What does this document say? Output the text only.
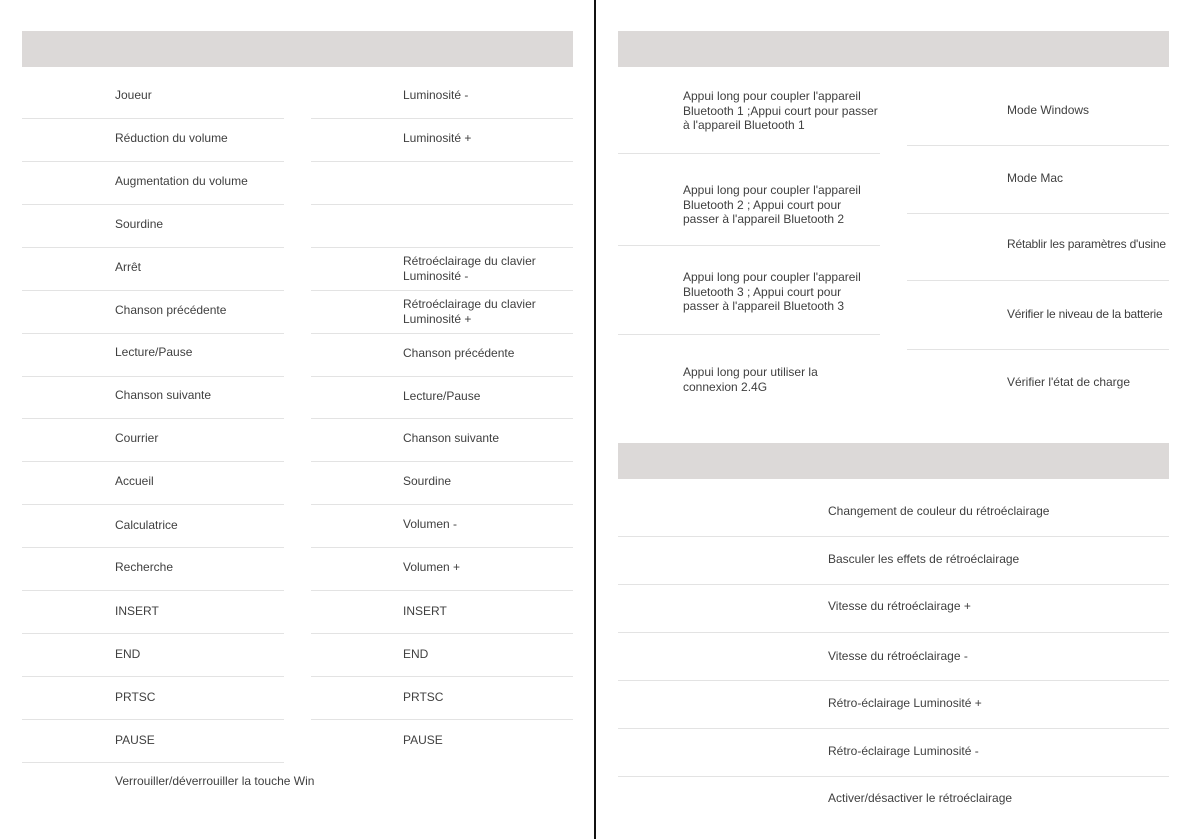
Joueur
Réduction du volume
Augmentation du volume
Sourdine
Arrêt
Chanson précédente
Lecture/Pause
Chanson suivante
Courrier
Accueil
Calculatrice
Recherche
INSERT
END
PRTSC
PAUSE
Verrouiller/déverrouiller la touche Win
Luminosité -
Luminosité +
Rétroéclairage du clavier Luminosité -
Rétroéclairage du clavier Luminosité +
Chanson précédente
Lecture/Pause
Chanson suivante
Sourdine
Volumen -
Volumen +
INSERT
END
PRTSC
PAUSE
Appui long pour coupler l'appareil Bluetooth 1 ;Appui court pour passer à l'appareil Bluetooth 1
Appui long pour coupler l'appareil Bluetooth 2 ; Appui court pour passer à l'appareil Bluetooth 2
Appui long pour coupler l'appareil Bluetooth 3 ; Appui court pour passer à l'appareil Bluetooth 3
Appui long pour utiliser la connexion 2.4G
Mode Windows
Mode Mac
Rétablir les paramètres d'usine
Vérifier le niveau de la batterie
Vérifier l'état de charge
Changement de couleur du rétroéclairage
Basculer les effets de rétroéclairage
Vitesse du rétroéclairage +
Vitesse du rétroéclairage -
Rétro-éclairage Luminosité +
Rétro-éclairage Luminosité -
Activer/désactiver le rétroéclairage
